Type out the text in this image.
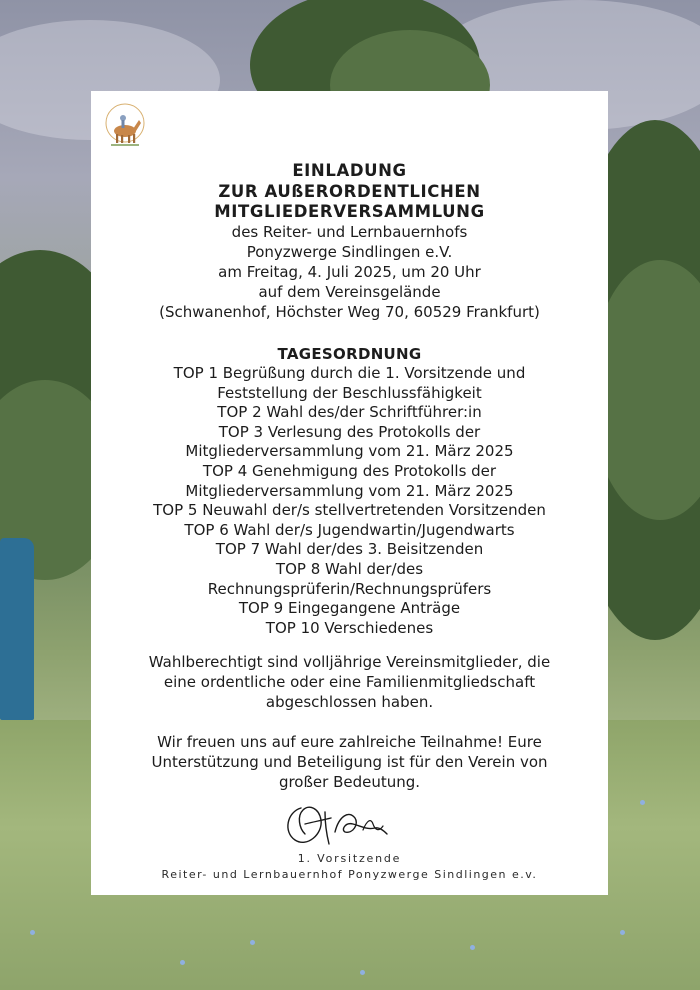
EINLADUNG
ZUR AUßERORDENTLICHEN
MITGLIEDERVERSAMMLUNG
des Reiter- und Lernbauernhofs
Ponyzwerge Sindlingen e.V.
am Freitag, 4. Juli 2025, um 20 Uhr
auf dem Vereinsgelände
(Schwanenhof, Höchster Weg 70, 60529 Frankfurt)
TAGESORDNUNG
TOP 1 Begrüßung durch die 1. Vorsitzende und
Feststellung der Beschlussfähigkeit
TOP 2 Wahl des/der Schriftführer:in
TOP 3 Verlesung des Protokolls der
Mitgliederversammlung vom 21. März 2025
TOP 4 Genehmigung des Protokolls der
Mitgliederversammlung vom 21. März 2025
TOP 5 Neuwahl der/s stellvertretenden Vorsitzenden
TOP 6 Wahl der/s Jugendwartin/Jugendwarts
TOP 7 Wahl der/des 3. Beisitzenden
TOP 8 Wahl der/des
Rechnungsprüferin/Rechnungsprüfers
TOP 9 Eingegangene Anträge
TOP 10 Verschiedenes
Wahlberechtigt sind volljährige Vereinsmitglieder, die
eine ordentliche oder eine Familienmitgliedschaft
abgeschlossen haben.
Wir freuen uns auf eure zahlreiche Teilnahme! Eure
Unterstützung und Beteiligung ist für den Verein von
großer Bedeutung.
1. Vorsitzende
Reiter- und Lernbauernhof Ponyzwerge Sindlingen e.v.
